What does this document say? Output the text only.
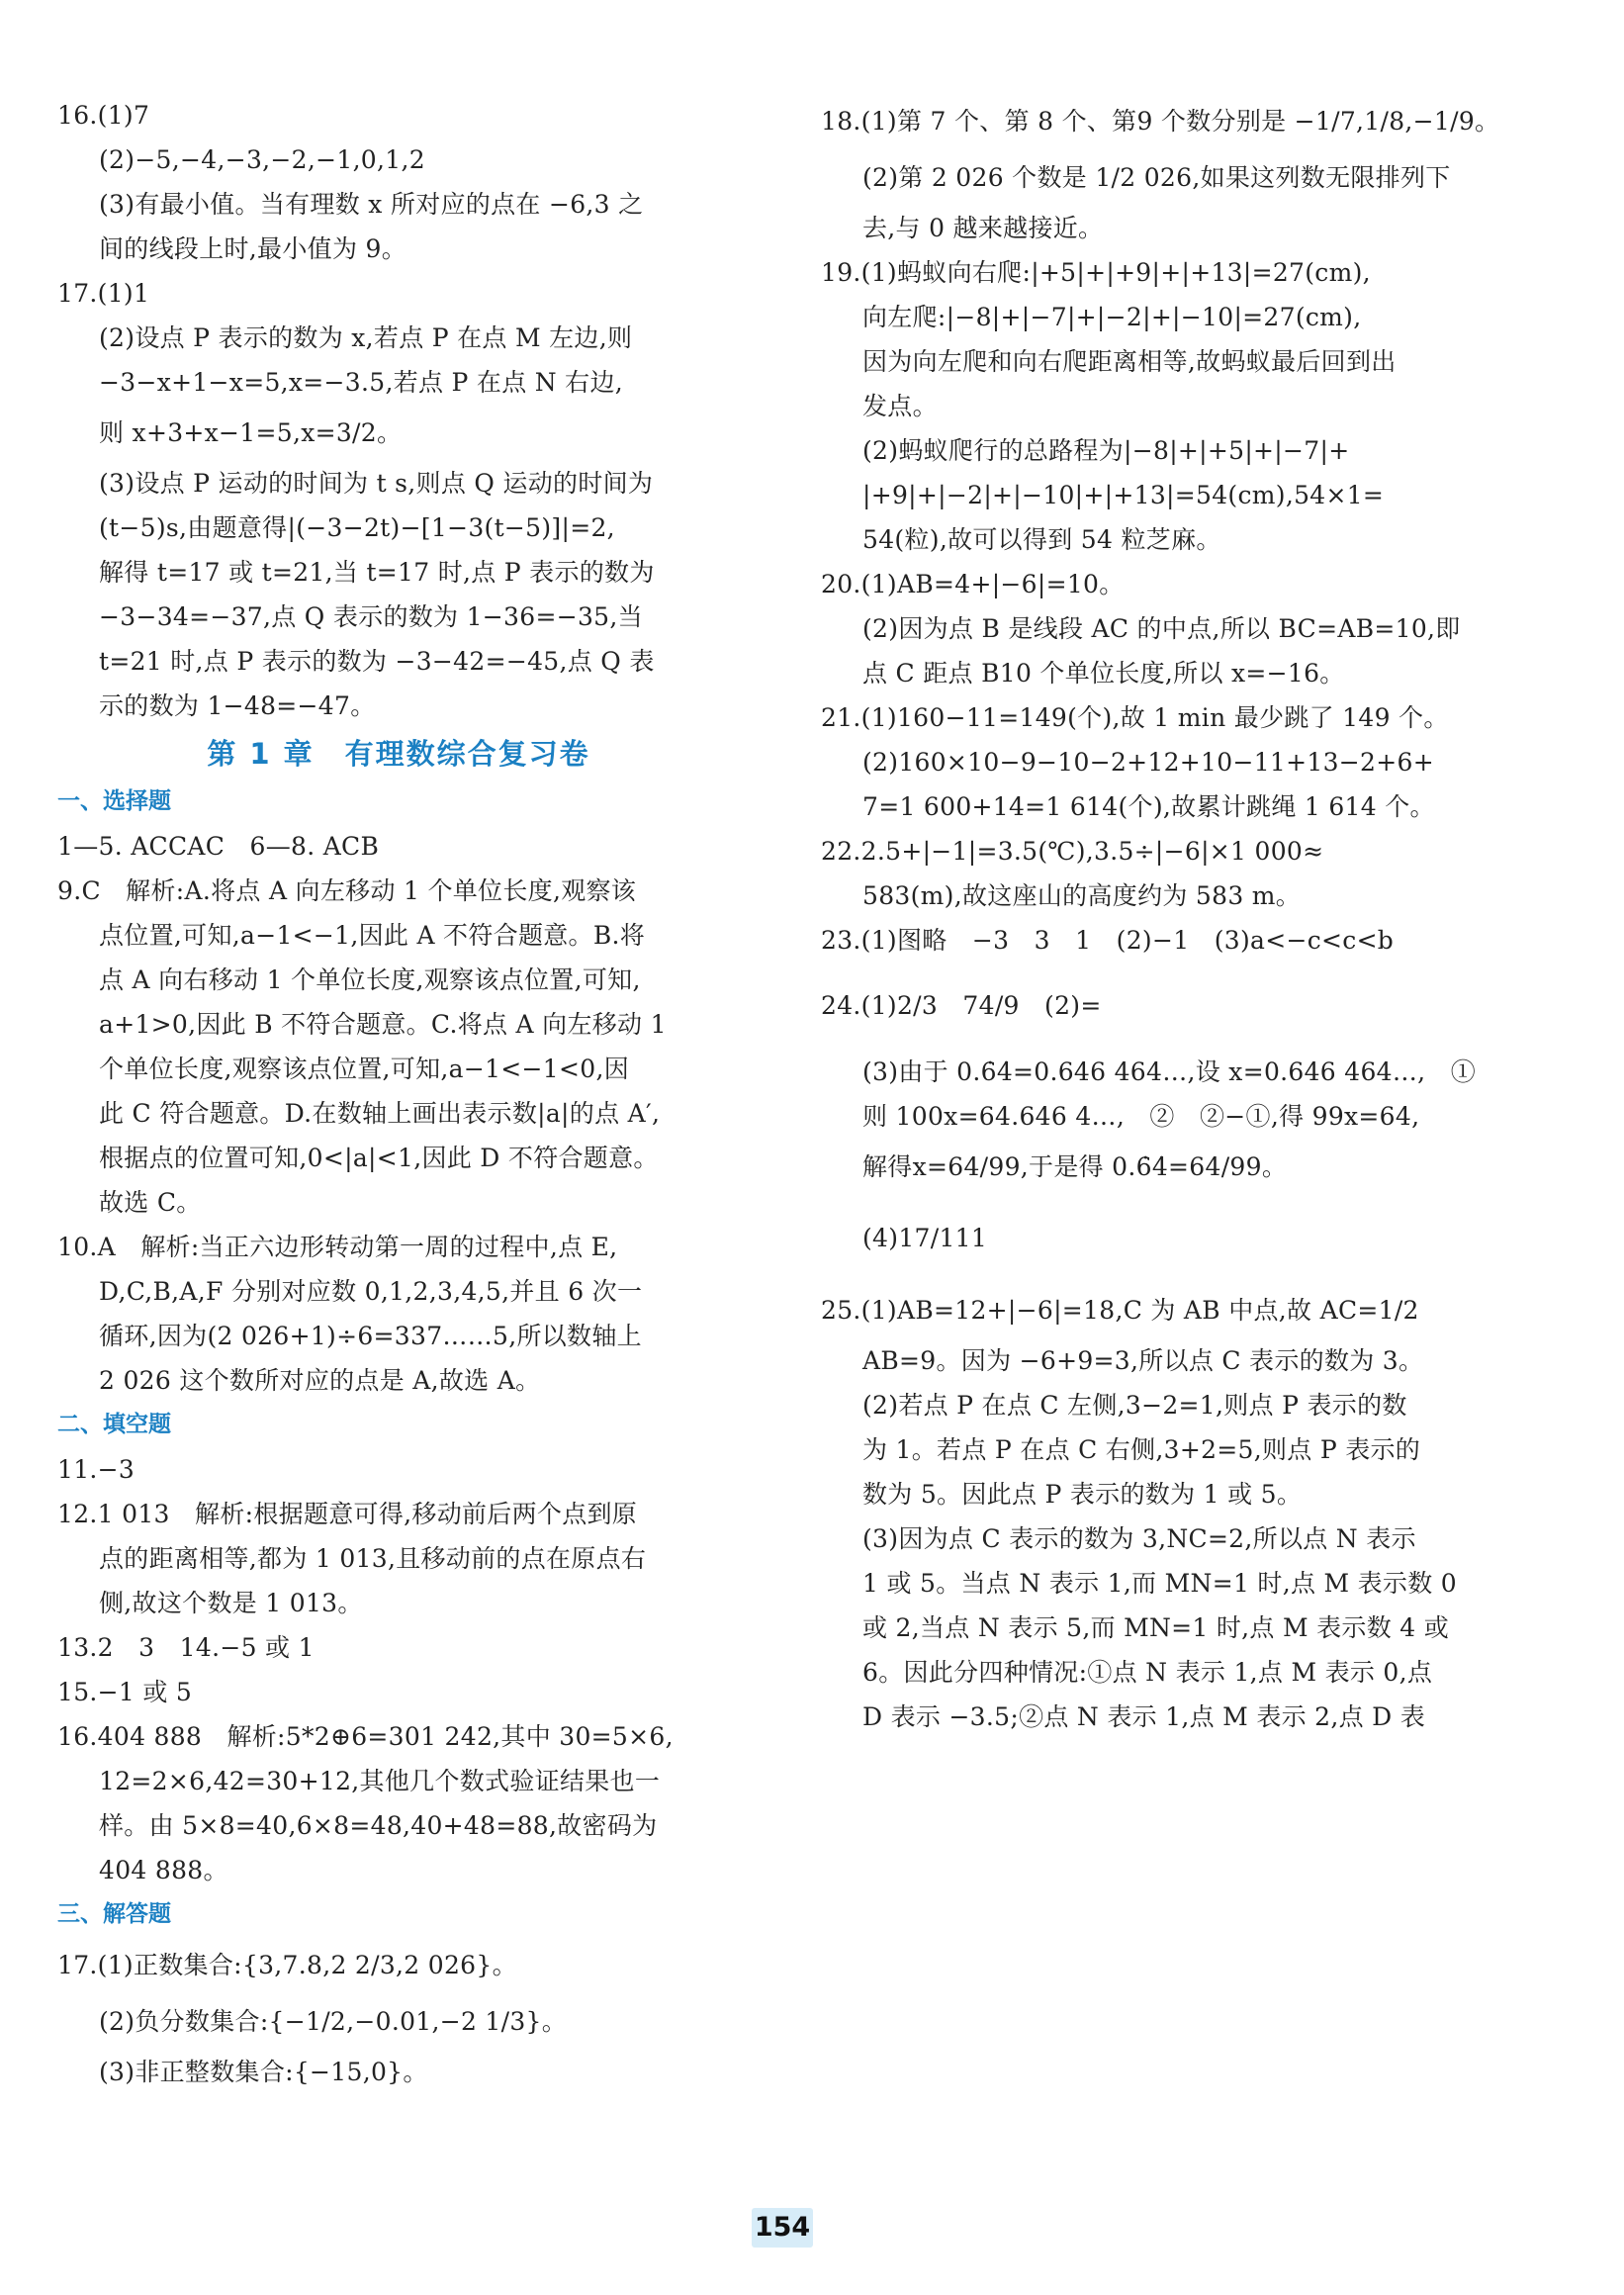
16.(1)7
(2)−5,−4,−3,−2,−1,0,1,2
(3)有最小值。当有理数 x 所对应的点在 −6,3 之
间的线段上时,最小值为 9。
17.(1)1
(2)设点 P 表示的数为 x,若点 P 在点 M 左边,则
−3−x+1−x=5,x=−3.5,若点 P 在点 N 右边,
则 x+3+x−1=5,x=3/2。
(3)设点 P 运动的时间为 t s,则点 Q 运动的时间为
(t−5)s,由题意得|(−3−2t)−[1−3(t−5)]|=2,
解得 t=17 或 t=21,当 t=17 时,点 P 表示的数为
−3−34=−37,点 Q 表示的数为 1−36=−35,当
t=21 时,点 P 表示的数为 −3−42=−45,点 Q 表
示的数为 1−48=−47。
第 1 章　有理数综合复习卷
一、选择题
1—5. ACCAC　6—8. ACB
9.C　解析:A.将点 A 向左移动 1 个单位长度,观察该
点位置,可知,a−1<−1,因此 A 不符合题意。B.将
点 A 向右移动 1 个单位长度,观察该点位置,可知,
a+1>0,因此 B 不符合题意。C.将点 A 向左移动 1
个单位长度,观察该点位置,可知,a−1<−1<0,因
此 C 符合题意。D.在数轴上画出表示数|a|的点 A′,
根据点的位置可知,0<|a|<1,因此 D 不符合题意。
故选 C。
10.A　解析:当正六边形转动第一周的过程中,点 E,
D,C,B,A,F 分别对应数 0,1,2,3,4,5,并且 6 次一
循环,因为(2 026+1)÷6=337……5,所以数轴上
2 026 这个数所对应的点是 A,故选 A。
二、填空题
11.−3
12.1 013　解析:根据题意可得,移动前后两个点到原
点的距离相等,都为 1 013,且移动前的点在原点右
侧,故这个数是 1 013。
13.2　3　14.−5 或 1
15.−1 或 5
16.404 888　解析:5*2⊕6=301 242,其中 30=5×6,
12=2×6,42=30+12,其他几个数式验证结果也一
样。由 5×8=40,6×8=48,40+48=88,故密码为
404 888。
三、解答题
17.(1)正数集合:{3,7.8,2 2/3,2 026}。
(2)负分数集合:{−1/2,−0.01,−2 1/3}。
(3)非正整数集合:{−15,0}。
18.(1)第 7 个、第 8 个、第9 个数分别是 −1/7,1/8,−1/9。
(2)第 2 026 个数是 1/2 026,如果这列数无限排列下
去,与 0 越来越接近。
19.(1)蚂蚁向右爬:|+5|+|+9|+|+13|=27(cm),
向左爬:|−8|+|−7|+|−2|+|−10|=27(cm),
因为向左爬和向右爬距离相等,故蚂蚁最后回到出
发点。
(2)蚂蚁爬行的总路程为|−8|+|+5|+|−7|+
|+9|+|−2|+|−10|+|+13|=54(cm),54×1=
54(粒),故可以得到 54 粒芝麻。
20.(1)AB=4+|−6|=10。
(2)因为点 B 是线段 AC 的中点,所以 BC=AB=10,即
点 C 距点 B10 个单位长度,所以 x=−16。
21.(1)160−11=149(个),故 1 min 最少跳了 149 个。
(2)160×10−9−10−2+12+10−11+13−2+6+
7=1 600+14=1 614(个),故累计跳绳 1 614 个。
22.2.5+|−1|=3.5(℃),3.5÷|−6|×1 000≈
583(m),故这座山的高度约为 583 m。
23.(1)图略　−3　3　1　(2)−1　(3)a<−c<c<b
24.(1)2/3　74/9　(2)=
(3)由于 0.6̇4̇=0.646 464…,设 x=0.646 464…,　①
则 100x=64.646 4…,　②　②−①,得 99x=64,
解得x=64/99,于是得 0.6̇4̇=64/99。
(4)17/111
25.(1)AB=12+|−6|=18,C 为 AB 中点,故 AC=1/2
AB=9。因为 −6+9=3,所以点 C 表示的数为 3。
(2)若点 P 在点 C 左侧,3−2=1,则点 P 表示的数
为 1。若点 P 在点 C 右侧,3+2=5,则点 P 表示的
数为 5。因此点 P 表示的数为 1 或 5。
(3)因为点 C 表示的数为 3,NC=2,所以点 N 表示
1 或 5。当点 N 表示 1,而 MN=1 时,点 M 表示数 0
或 2,当点 N 表示 5,而 MN=1 时,点 M 表示数 4 或
6。因此分四种情况:①点 N 表示 1,点 M 表示 0,点
D 表示 −3.5;②点 N 表示 1,点 M 表示 2,点 D 表
154
